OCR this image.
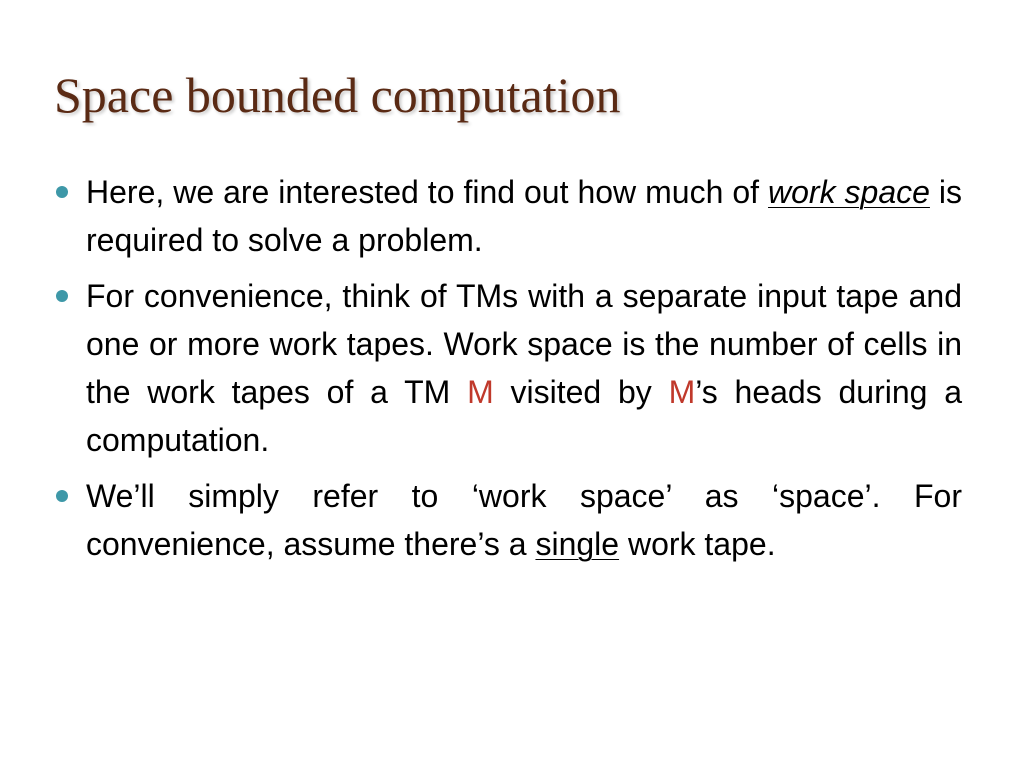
Space bounded computation
Here, we are interested to find out how much of work space is required to solve a problem.
For convenience, think of TMs with a separate input tape and one or more work tapes. Work space is the number of cells in the work tapes of a TM M visited by M’s heads during a computation.
We’ll simply refer to ‘work space’ as ‘space’. For convenience, assume there’s a single work tape.
